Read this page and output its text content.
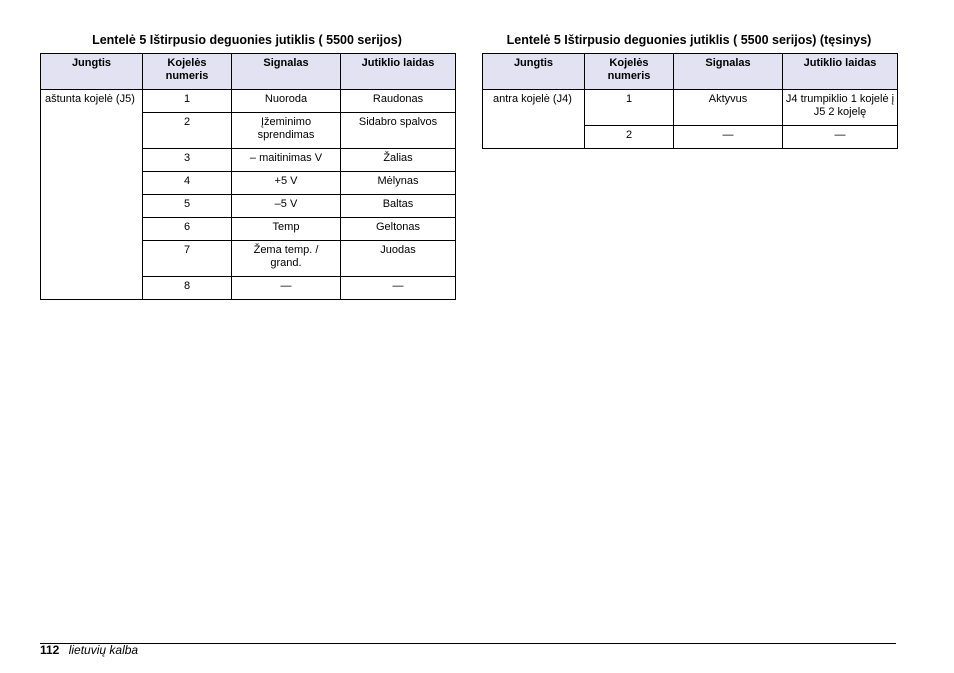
Lentelė 5 Ištirpusio deguonies jutiklis ( 5500 serijos)
Jungtis	Kojelės numeris	Signalas	Jutiklio laidas
aštunta kojelė (J5)	1	Nuoroda	Raudonas
	2	Įžeminimo sprendimas	Sidabro spalvos
	3	– maitinimas V	Žalias
	4	+5 V	Mėlynas
	5	–5 V	Baltas
	6	Temp	Geltonas
	7	Žema temp. / grand.	Juodas
	8	—	—
Lentelė 5 Ištirpusio deguonies jutiklis ( 5500 serijos) (tęsinys)
Jungtis	Kojelės numeris	Signalas	Jutiklio laidas
antra kojelė (J4)	1	Aktyvus	J4 trumpiklio 1 kojelė į J5 2 kojelę
	2	—	—
112 lietuvių kalba
